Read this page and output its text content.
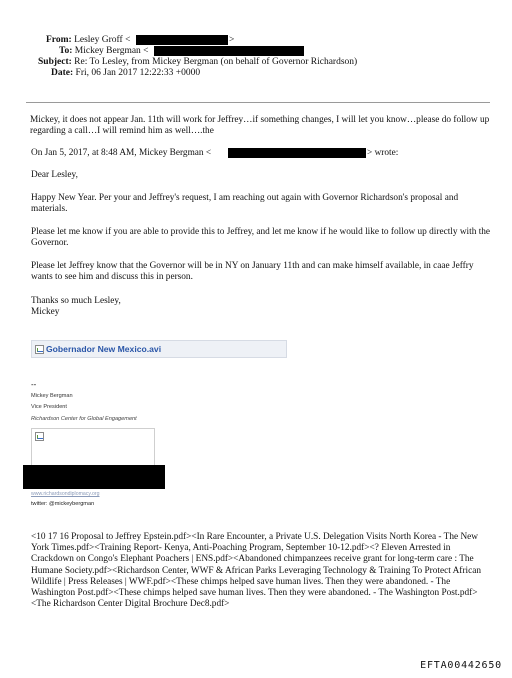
From: Lesley Groff <	>
To: Mickey Bergman <
Subject: Re: To Lesley, from Mickey Bergman (on behalf of Governor Richardson)
Date: Fri, 06 Jan 2017 12:22:33 +0000
Mickey, it does not appear Jan. 11th will work for Jeffrey…if something changes, I will let you know…please do follow up regarding a call…I will remind him as well….the
On Jan 5, 2017, at 8:48 AM, Mickey Bergman <	> wrote:
Dear Lesley,
Happy New Year. Per your and Jeffrey's request, I am reaching out again with Governor Richardson's proposal and materials.
Please let me know if you are able to provide this to Jeffrey, and let me know if he would like to follow up directly with the Governor.
Please let Jeffrey know that the Governor will be in NY on January 11th and can make himself available, in caae Jeffry wants to see him and discuss this in person.
Thanks so much Lesley,
Mickey
Gobernador New Mexico.avi
--
Mickey Bergman
Vice President
Richardson Center for Global Engagement
www.richardsondiplomacy.org
twitter: @mickeybergman
<10 17 16 Proposal to Jeffrey Epstein.pdf><In Rare Encounter, a Private U.S. Delegation Visits North Korea - The New York Times.pdf><Training Report- Kenya, Anti-Poaching Program, September 10-12.pdf><? Eleven Arrested in Crackdown on Congo's Elephant Poachers | ENS.pdf><Abandoned chimpanzees receive grant for long-term care : The Humane Society.pdf><Richardson Center, WWF & African Parks Leveraging Technology & Training To Protect African Wildlife | Press Releases | WWF.pdf><These chimps helped save human lives. Then they were abandoned. - The Washington Post.pdf><These chimps helped save human lives. Then they were abandoned. - The Washington Post.pdf><The Richardson Center Digital Brochure Dec8.pdf>
EFTA00442650
